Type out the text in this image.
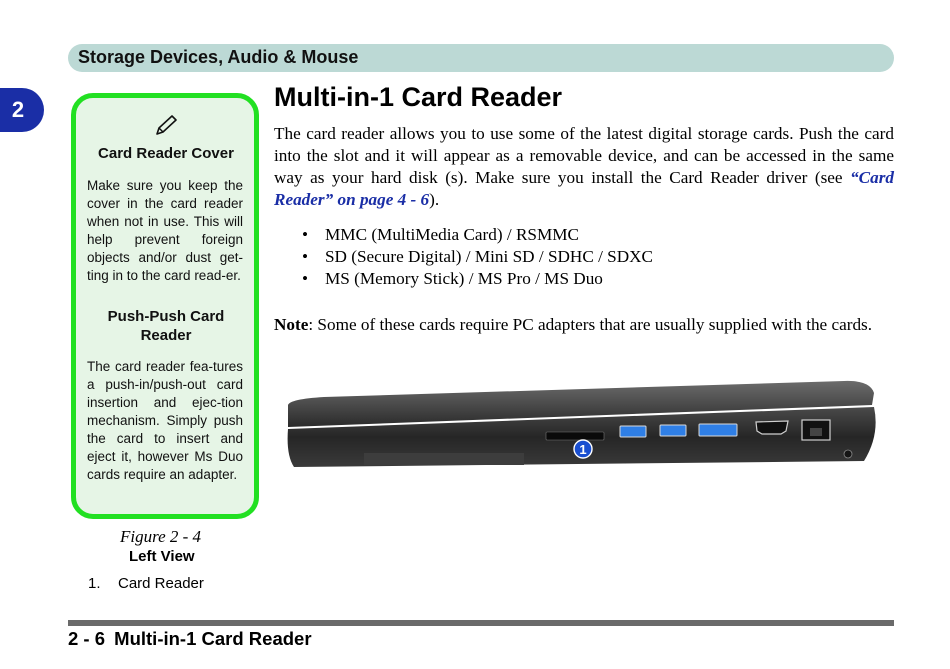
Storage Devices, Audio & Mouse
2
Card Reader Cover

Make sure you keep the cover in the card reader when not in use. This will help prevent foreign objects and/or dust get-ting in to the card read-er.

Push-Push Card Reader

The card reader fea-tures a push-in/push-out card insertion and ejec-tion mechanism. Simply push the card to insert and eject it, however Ms Duo cards require an adapter.

Multi-in-1 Card Reader

The card reader allows you to use some of the latest digital storage cards. Push the card into the slot and it will appear as a removable device, and can be accessed in the same way as your hard disk (s). Make sure you install the Card Reader driver (see “Card Reader” on page 4 - 6).

• MMC (MultiMedia Card) / RSMMC
• SD (Secure Digital) / Mini SD / SDHC / SDXC
• MS (Memory Stick) / MS Pro / MS Duo

Note: Some of these cards require PC adapters that are usually supplied with the cards.

1
Figure 2 - 4
Left View
1. Card Reader
2 - 6 Multi-in-1 Card Reader
